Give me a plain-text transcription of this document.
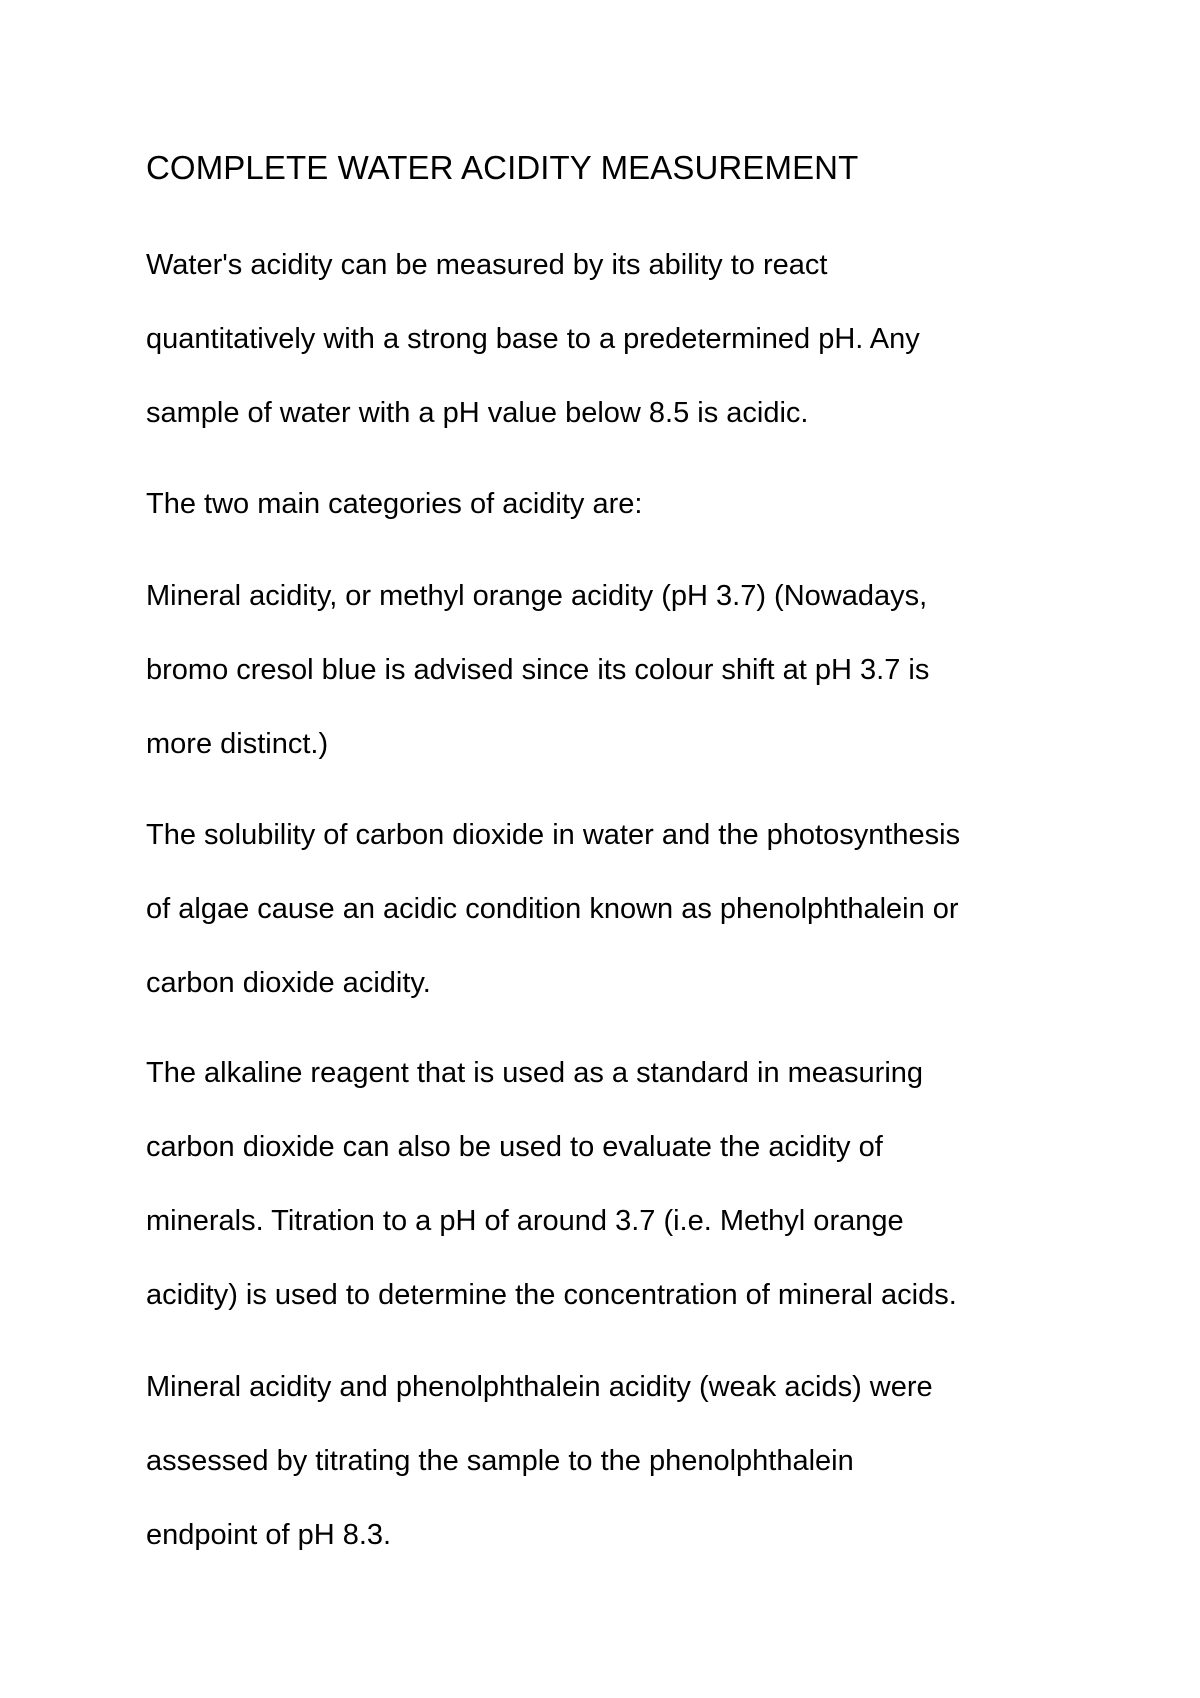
COMPLETE WATER ACIDITY MEASUREMENT

Water's acidity can be measured by its ability to react
quantitatively with a strong base to a predetermined pH. Any
sample of water with a pH value below 8.5 is acidic.

The two main categories of acidity are:

Mineral acidity, or methyl orange acidity (pH 3.7) (Nowadays,
bromo cresol blue is advised since its colour shift at pH 3.7 is
more distinct.)

The solubility of carbon dioxide in water and the photosynthesis
of algae cause an acidic condition known as phenolphthalein or
carbon dioxide acidity.

The alkaline reagent that is used as a standard in measuring
carbon dioxide can also be used to evaluate the acidity of
minerals. Titration to a pH of around 3.7 (i.e. Methyl orange
acidity) is used to determine the concentration of mineral acids.

Mineral acidity and phenolphthalein acidity (weak acids) were
assessed by titrating the sample to the phenolphthalein
endpoint of pH 8.3.
